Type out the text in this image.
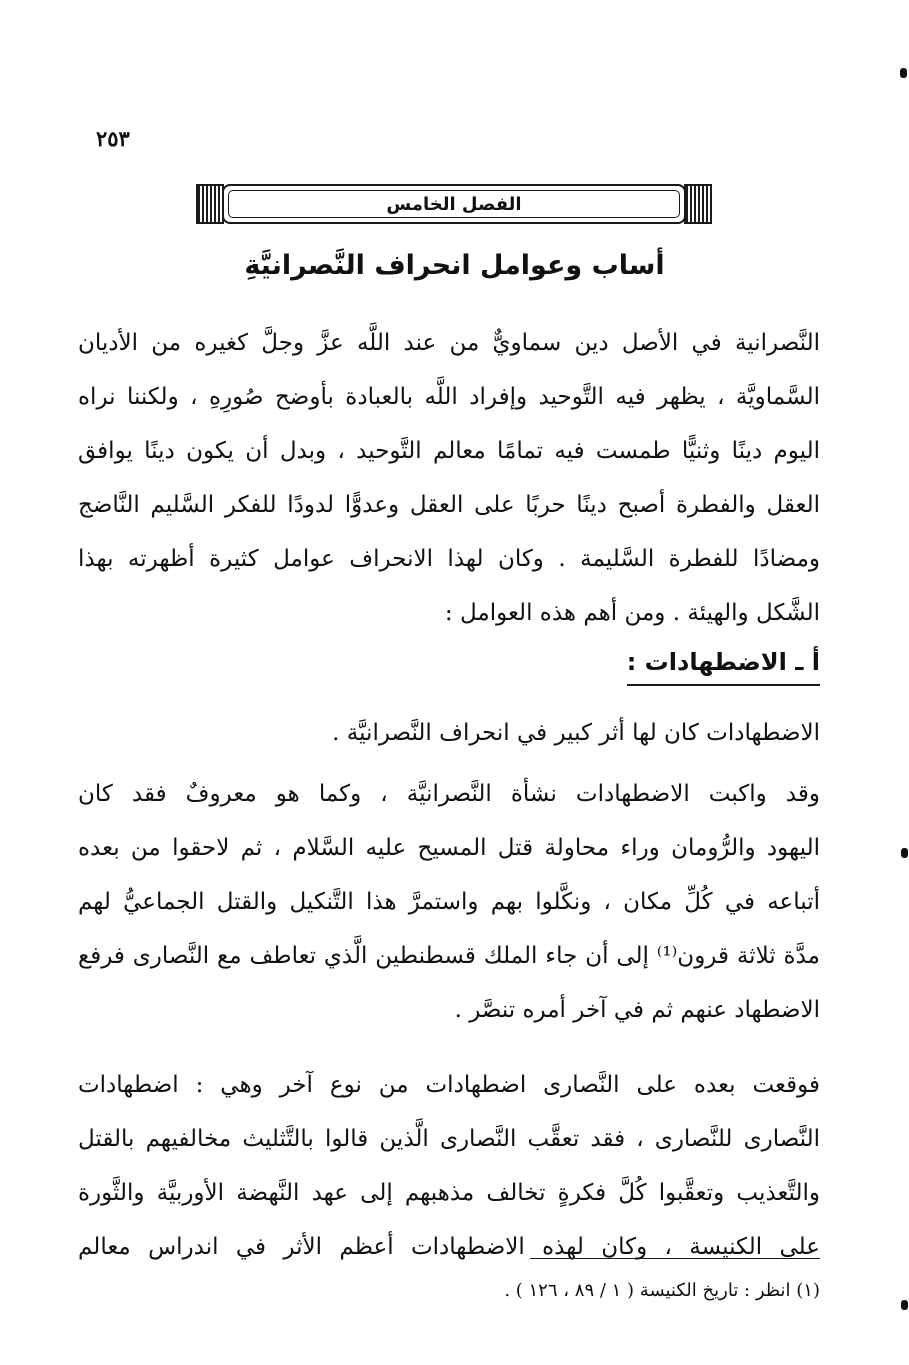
٢٥٣
الفصل الخامس
أساب وعوامل انحراف النَّصرانيَّةِ
النَّصرانية في الأصل دين سماويٌّ من عند اللَّه عزَّ وجلَّ كغيره من الأديان
السَّماويَّة ، يظهر فيه التَّوحيد وإفراد اللَّه بالعبادة بأوضح صُورِهِ ، ولكننا نراه
اليوم دينًا وثنيًّا طمست فيه تمامًا معالم التَّوحيد ، وبدل أن يكون دينًا يوافق
العقل والفطرة أصبح دينًا حربًا على العقل وعدوًّا لدودًا للفكر السَّليم النَّاضج
ومضادًا للفطرة السَّليمة . وكان لهذا الانحراف عوامل كثيرة أظهرته بهذا
الشَّكل والهيئة . ومن أهم هذه العوامل :
أ ـ الاضطهادات :
الاضطهادات كان لها أثر كبير في انحراف النَّصرانيَّة .
وقد واكبت الاضطهادات نشأة النَّصرانيَّة ، وكما هو معروفٌ فقد كان
اليهود والرُّومان وراء محاولة قتل المسيح عليه السَّلام ، ثم لاحقوا من بعده
أتباعه في كُلِّ مكان ، ونكَّلوا بهم واستمرَّ هذا التَّنكيل والقتل الجماعيُّ لهم
مدَّة ثلاثة قرون⁽¹⁾ إلى أن جاء الملك قسطنطين الَّذي تعاطف مع النَّصارى فرفع
الاضطهاد عنهم ثم في آخر أمره تنصَّر .
فوقعت بعده على النَّصارى اضطهادات من نوع آخر وهي : اضطهادات
النَّصارى للنَّصارى ، فقد تعقَّب النَّصارى الَّذين قالوا بالتَّثليث مخالفيهم بالقتل
والتَّعذيب وتعقَّبوا كُلَّ فكرةٍ تخالف مذهبهم إلى عهد النَّهضة الأوربيَّة والثَّورة
على الكنيسة ، وكان لهذه الاضطهادات أعظم الأثر في اندراس معالم
(١) انظر : تاريخ الكنيسة ( ١ / ٨٩ ، ١٢٦ ) .
